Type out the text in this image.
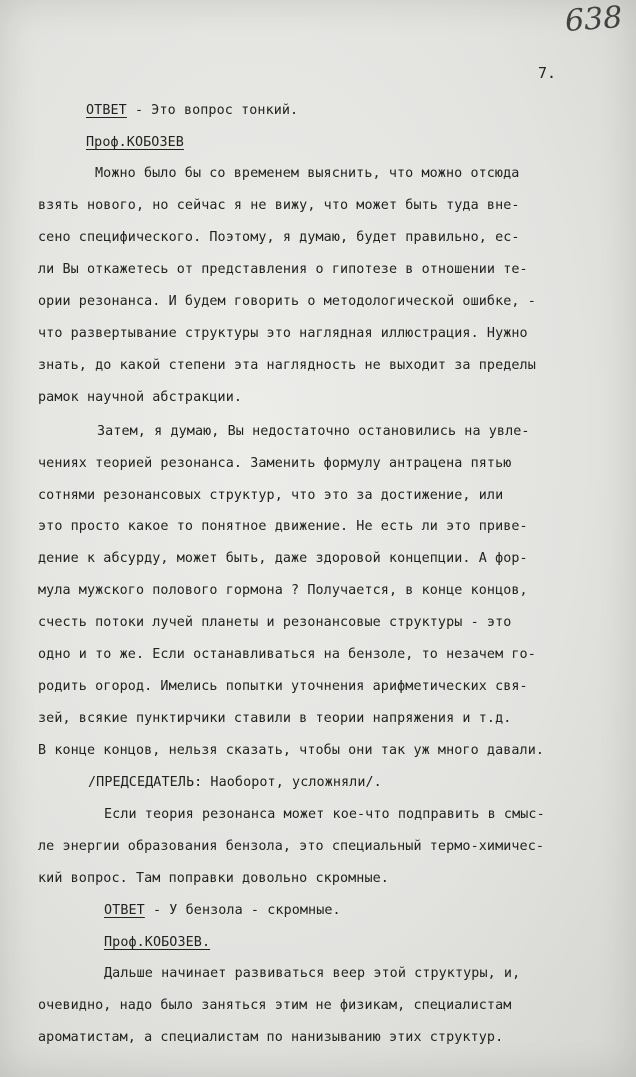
638
7.
ОТВЕТ - Это вопрос тонкий.
Проф.КОБОЗЕВ
Можно было бы со временем выяснить, что можно отсюда
взять нового, но сейчас я не вижу, что может быть туда вне-
сено специфического. Поэтому, я думаю, будет правильно, ес-
ли Вы откажетесь от представления о гипотезе в отношении те-
ории резонанса. И будем говорить о методологической ошибке, -
что развертывание структуры это наглядная иллюстрация. Нужно
знать, до какой степени эта наглядность не выходит за пределы
рамок научной абстракции.
Затем, я думаю, Вы недостаточно остановились на увле-
чениях теорией резонанса. Заменить формулу антрацена пятью
сотнями резонансовых структур, что это за достижение, или
это просто какое то понятное движение. Не есть ли это приве-
дение к абсурду, может быть, даже здоровой концепции. А фор-
мула мужского полового гормона ? Получается, в конце концов,
счесть потоки лучей планеты и резонансовые структуры - это
одно и то же. Если останавливаться на бензоле, то незачем го-
родить огород. Имелись попытки уточнения арифметических свя-
зей, всякие пунктирчики ставили в теории напряжения и т.д.
В конце концов, нельзя сказать, чтобы они так уж много давали.
/ПРЕДСЕДАТЕЛЬ: Наоборот, усложняли/.
Если теория резонанса может кое-что подправить в смыс-
ле энергии образования бензола, это специальный термо-химичес-
кий вопрос. Там поправки довольно скромные.
ОТВЕТ - У бензола - скромные.
Проф.КОБОЗЕВ.
Дальше начинает развиваться веер этой структуры, и,
очевидно, надо было заняться этим не физикам, специалистам
ароматистам, а специалистам по нанизыванию этих структур.
